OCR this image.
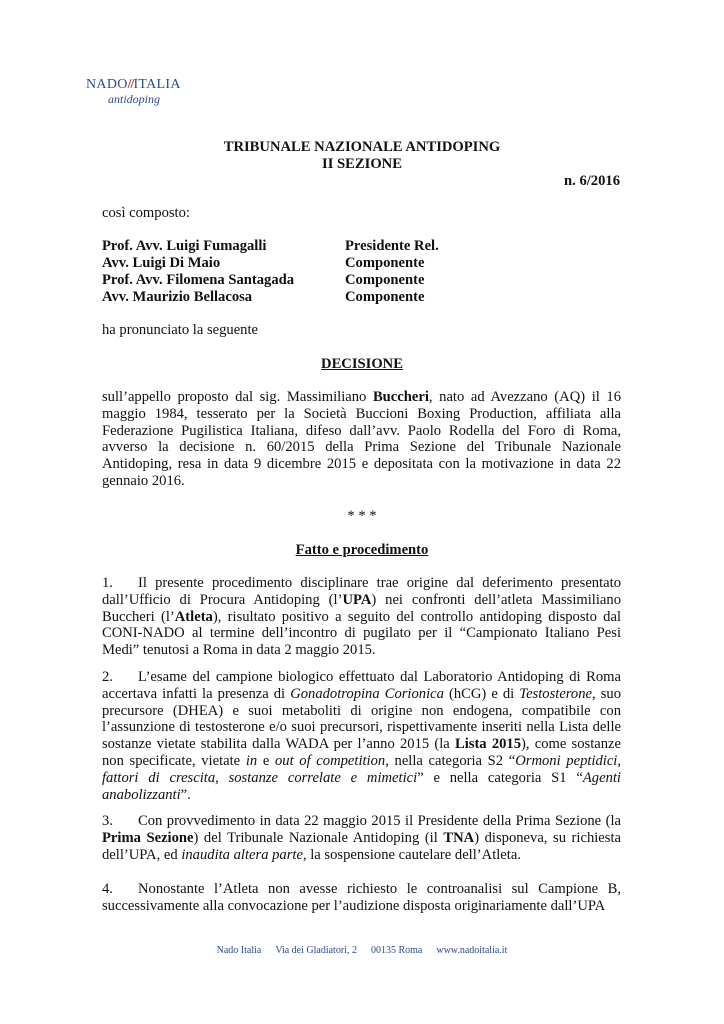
NADO//ITALIA
antidoping
TRIBUNALE NAZIONALE ANTIDOPING
II SEZIONE
n. 6/2016
così composto:
Prof. Avv. Luigi Fumagalli	Presidente Rel.
Avv. Luigi Di Maio	Componente
Prof. Avv. Filomena Santagada	Componente
Avv. Maurizio Bellacosa	Componente
ha pronunciato la seguente
DECISIONE
sull’appello proposto dal sig. Massimiliano Buccheri, nato ad Avezzano (AQ) il 16 maggio 1984, tesserato per la Società Buccioni Boxing Production, affiliata alla Federazione Pugilistica Italiana, difeso dall’avv. Paolo Rodella del Foro di Roma, avverso la decisione n. 60/2015 della Prima Sezione del Tribunale Nazionale Antidoping, resa in data 9 dicembre 2015 e depositata con la motivazione in data 22 gennaio 2016.
* * *
Fatto e procedimento
1. Il presente procedimento disciplinare trae origine dal deferimento presentato dall’Ufficio di Procura Antidoping (l’UPA) nei confronti dell’atleta Massimiliano Buccheri (l’Atleta), risultato positivo a seguito del controllo antidoping disposto dal CONI-NADO al termine dell’incontro di pugilato per il “Campionato Italiano Pesi Medi” tenutosi a Roma in data 2 maggio 2015.
2. L’esame del campione biologico effettuato dal Laboratorio Antidoping di Roma accertava infatti la presenza di Gonadotropina Corionica (hCG) e di Testosterone, suo precursore (DHEA) e suoi metaboliti di origine non endogena, compatibile con l’assunzione di testosterone e/o suoi precursori, rispettivamente inseriti nella Lista delle sostanze vietate stabilita dalla WADA per l’anno 2015 (la Lista 2015), come sostanze non specificate, vietate in e out of competition, nella categoria S2 “Ormoni peptidici, fattori di crescita, sostanze correlate e mimetici” e nella categoria S1 “Agenti anabolizzanti”.
3. Con provvedimento in data 22 maggio 2015 il Presidente della Prima Sezione (la Prima Sezione) del Tribunale Nazionale Antidoping (il TNA) disponeva, su richiesta dell’UPA, ed inaudita altera parte, la sospensione cautelare dell’Atleta.
4. Nonostante l’Atleta non avesse richiesto le controanalisi sul Campione B, successivamente alla convocazione per l’audizione disposta originariamente dall’UPA
Nado Italia Via dei Gladiatori, 2 00135 Roma www.nadoitalia.it
